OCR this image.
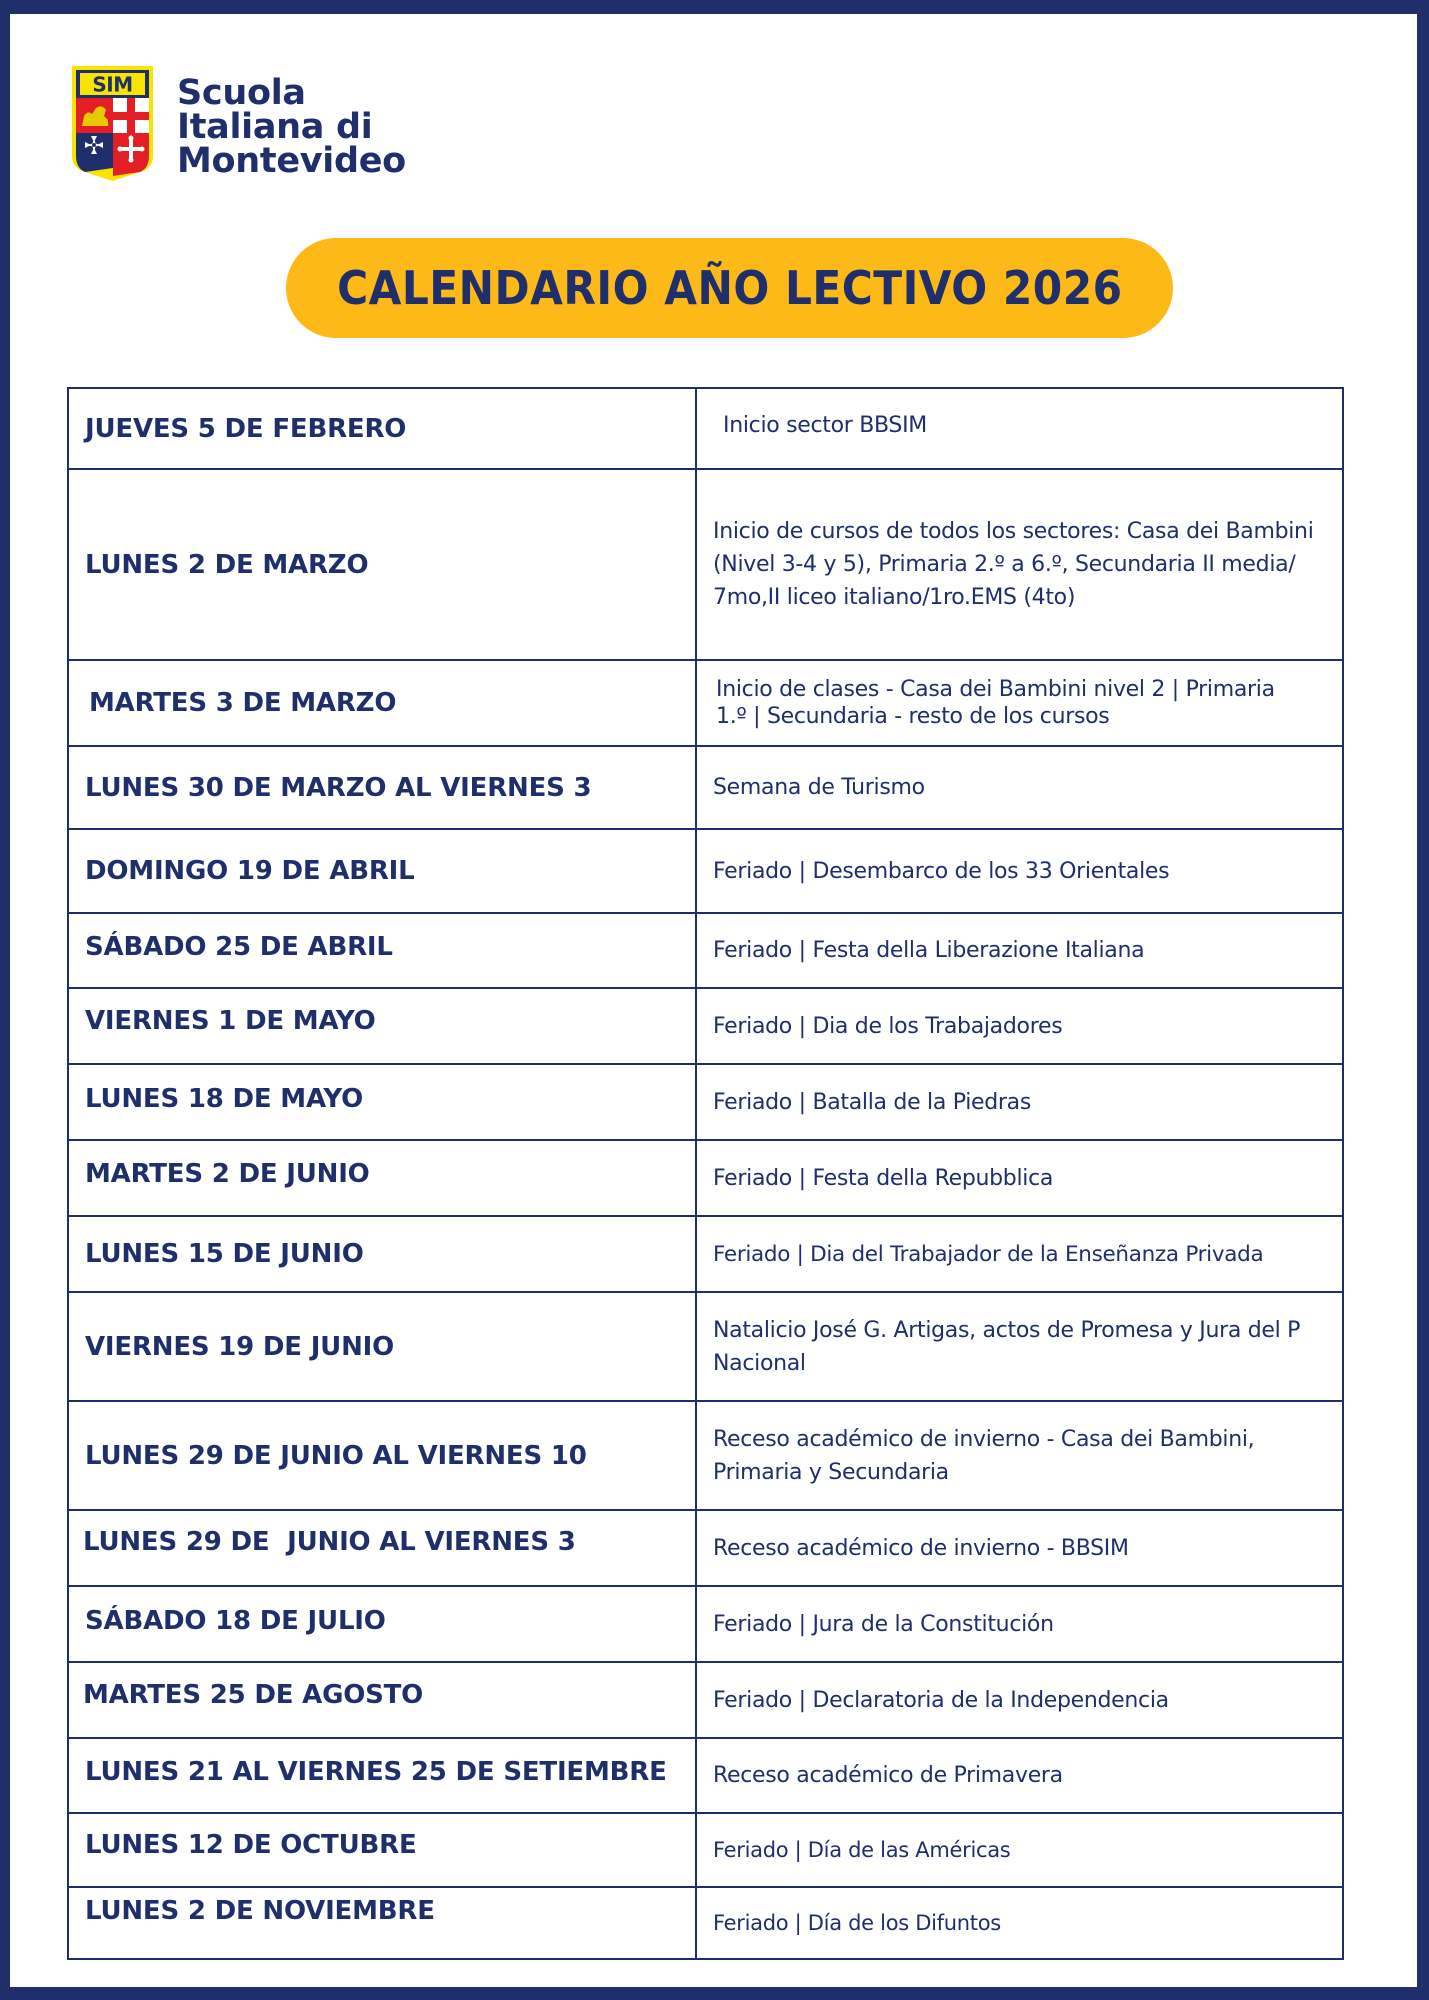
SIM Scuola
Italiana di
Montevideo
CALENDARIO AÑO LECTIVO 2026
JUEVES 5 DE FEBRERO	Inicio sector BBSIM
LUNES 2 DE MARZO	Inicio de cursos de todos los sectores: Casa dei Bambini (Nivel 3-4 y 5), Primaria 2.º a 6.º, Secundaria II media/ 7mo,II liceo italiano/1ro.EMS (4to)
MARTES 3 DE MARZO	Inicio de clases - Casa dei Bambini nivel 2 | Primaria 1.º | Secundaria - resto de los cursos
LUNES 30 DE MARZO AL VIERNES 3	Semana de Turismo
DOMINGO 19 DE ABRIL	Feriado | Desembarco de los 33 Orientales
SÁBADO 25 DE ABRIL	Feriado | Festa della Liberazione Italiana
VIERNES 1 DE MAYO	Feriado | Dia de los Trabajadores
LUNES 18 DE MAYO	Feriado | Batalla de la Piedras
MARTES 2 DE JUNIO	Feriado | Festa della Repubblica
LUNES 15 DE JUNIO	Feriado | Dia del Trabajador de la Enseñanza Privada
VIERNES 19 DE JUNIO	Natalicio José G. Artigas, actos de Promesa y Jura del P
Nacional

LUNES 29 DE JUNIO AL VIERNES 10	Receso académico de invierno - Casa dei Bambini, Primaria y Secundaria
LUNES 29 DE  JUNIO AL VIERNES 3	Receso académico de invierno - BBSIM
SÁBADO 18 DE JULIO	Feriado | Jura de la Constitución
MARTES 25 DE AGOSTO	Feriado | Declaratoria de la Independencia
LUNES 21 AL VIERNES 25 DE SETIEMBRE	Receso académico de Primavera
LUNES 12 DE OCTUBRE	Feriado | Día de las Américas
LUNES 2 DE NOVIEMBRE	Feriado | Día de los Difuntos
